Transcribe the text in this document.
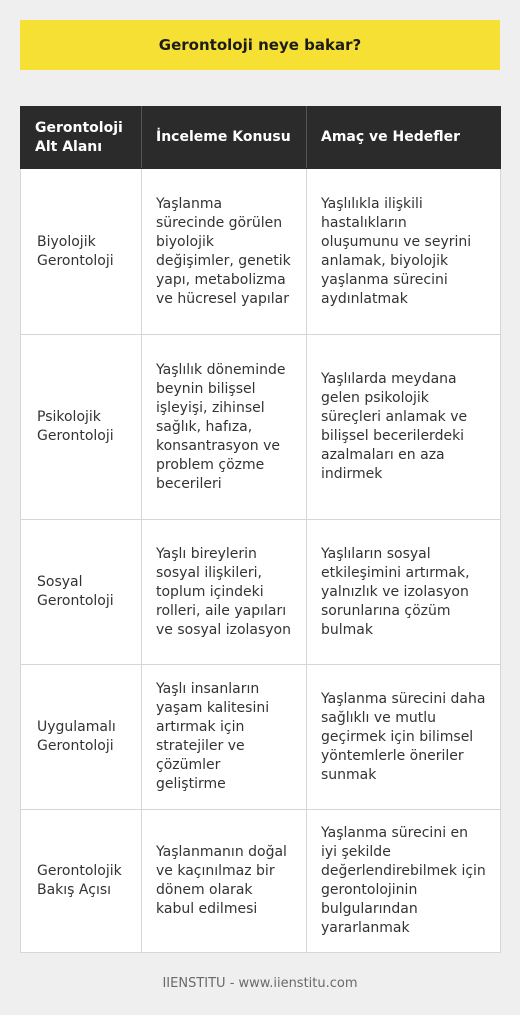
Gerontoloji neye bakar?
Gerontoloji Alt Alanı	İnceleme Konusu	Amaç ve Hedefler
Biyolojik Gerontoloji	Yaşlanma sürecinde görülen biyolojik değişimler, genetik yapı, metabolizma ve hücresel yapılar	Yaşlılıkla ilişkili hastalıkların oluşumunu ve seyrini anlamak, biyolojik yaşlanma sürecini aydınlatmak
Psikolojik Gerontoloji	Yaşlılık döneminde beynin bilişsel işleyişi, zihinsel sağlık, hafıza, konsantrasyon ve problem çözme becerileri	Yaşlılarda meydana gelen psikolojik süreçleri anlamak ve bilişsel becerilerdeki azalmaları en aza indirmek
Sosyal Gerontoloji	Yaşlı bireylerin sosyal ilişkileri, toplum içindeki rolleri, aile yapıları ve sosyal izolasyon	Yaşlıların sosyal etkileşimini artırmak, yalnızlık ve izolasyon sorunlarına çözüm bulmak
Uygulamalı Gerontoloji	Yaşlı insanların yaşam kalitesini artırmak için stratejiler ve çözümler geliştirme	Yaşlanma sürecini daha sağlıklı ve mutlu geçirmek için bilimsel yöntemlerle öneriler sunmak
Gerontolojik Bakış Açısı	Yaşlanmanın doğal ve kaçınılmaz bir dönem olarak kabul edilmesi	Yaşlanma sürecini en iyi şekilde değerlendirebilmek için gerontolojinin bulgularından yararlanmak
IIENSTITU - www.iienstitu.com
